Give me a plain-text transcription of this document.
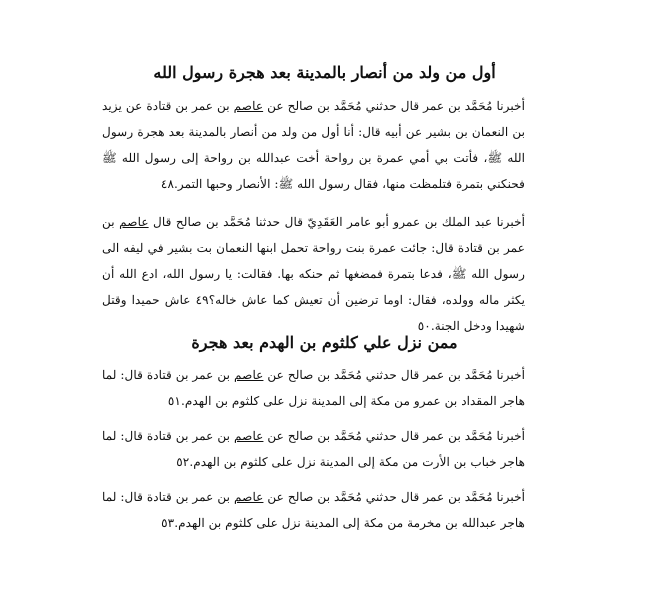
أول من ولد من أنصار بالمدينة بعد هجرة رسول الله

أخبرنا مُحَمَّد بن عمر قال حدثني مُحَمَّد بن صالح عن عاصم بن عمر بن قتادة عن يزيد بن النعمان بن بشير عن أبيه قال: أنا أول من ولد من أنصار بالمدينة بعد هجرة رسول الله ﷺ، فأتت بي أمي عمرة بن رواحة أخت عبدالله بن رواحة إلى رسول الله ﷺ فحنكني بتمرة فتلمظت منها، فقال رسول الله ﷺ: الأنصار وحبها التمر.٤٨

أخبرنا عبد الملك بن عمرو أبو عامر العَقَدِيّ قال حدثنا مُحَمَّد بن صالح قال عاصم بن عمر بن قتادة قال: جائت عمرة بنت رواحة تحمل ابنها النعمان بت بشير في ليفه الى رسول الله ﷺ، فدعا بتمرة فمضغها ثم حنكه بها. فقالت: يا رسول الله، ادع الله أن يكثر ماله وولده، فقال: اوما ترضين أن تعيش كما عاش خاله؟٤٩ عاش حميدا وقتل شهيدا ودخل الجنة.٥٠

ممن نزل علي كلثوم بن الهدم بعد هجرة

أخبرنا مُحَمَّد بن عمر قال حدثني مُحَمَّد بن صالح عن عاصم بن عمر بن قتادة قال: لما هاجر المقداد بن عمرو من مكة إلى المدينة نزل على كلثوم بن الهدم.٥١

أخبرنا مُحَمَّد بن عمر قال حدثني مُحَمَّد بن صالح عن عاصم بن عمر بن قتادة قال: لما هاجر خباب بن الأرت من مكة إلى المدينة نزل على كلثوم بن الهدم.٥٢

أخبرنا مُحَمَّد بن عمر قال حدثني مُحَمَّد بن صالح عن عاصم بن عمر بن قتادة قال: لما هاجر عبدالله بن مخرمة من مكة إلى المدينة نزل على كلثوم بن الهدم.٥٣
